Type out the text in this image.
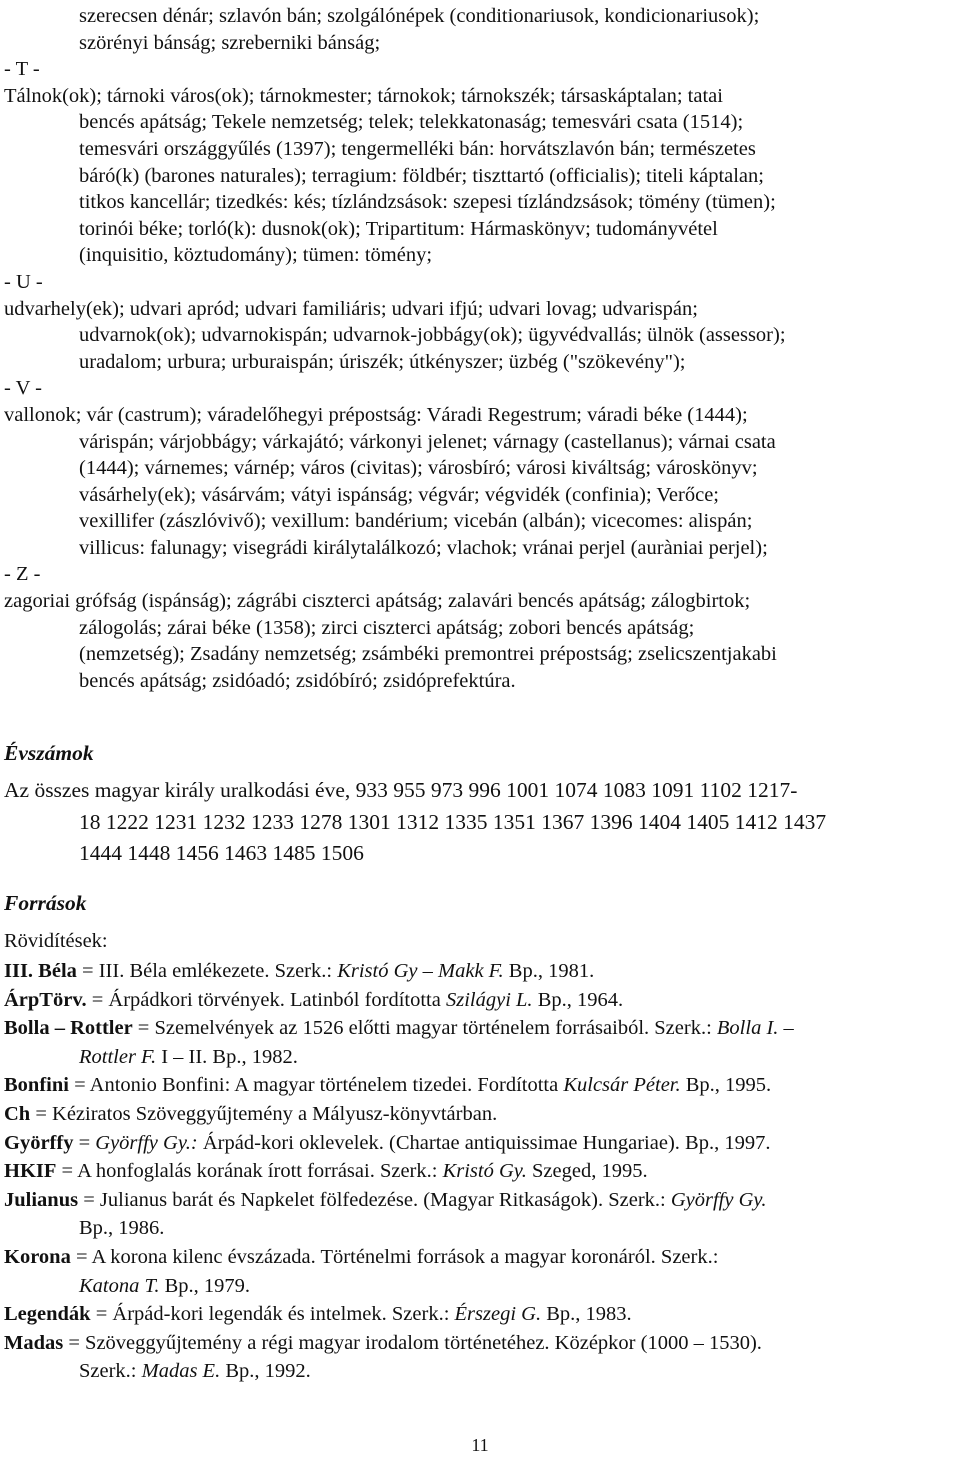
szerecsen dénár; szlavón bán; szolgálónépek (conditionariusok, kondicionariusok);
szörényi bánság; szreberniki bánság;
- T -
Tálnok(ok); tárnoki város(ok); tárnokmester; tárnokok; tárnokszék; társaskáptalan; tatai
bencés apátság; Tekele nemzetség; telek; telekkatonaság; temesvári csata (1514);
temesvári országgyűlés (1397); tengermelléki bán: horvátszlavón bán; természetes
báró(k) (barones naturales); terragium: földbér; tiszttartó (officialis); titeli káptalan;
titkos kancellár; tizedkés: kés; tízlándzsások: szepesi tízlándzsások; tömény (tümen);
torinói béke; torló(k): dusnok(ok); Tripartitum: Hármaskönyv; tudományvétel
(inquisitio, köztudomány); tümen: tömény;
- U -
udvarhely(ek); udvari apród; udvari familiáris; udvari ifjú; udvari lovag; udvarispán;
udvarnok(ok); udvarnokispán; udvarnok-jobbágy(ok); ügyvédvallás; ülnök (assessor);
uradalom; urbura; urburaispán; úriszék; útkényszer; üzbég ("szökevény");
- V -
vallonok; vár (castrum); váradelőhegyi prépostság: Váradi Regestrum; váradi béke (1444);
várispán; várjobbágy; várkajátó; várkonyi jelenet; várnagy (castellanus); várnai csata
(1444); várnemes; várnép; város (civitas); városbíró; városi kiváltság; városkönyv;
vásárhely(ek); vásárvám; vátyi ispánság; végvár; végvidék (confinia); Verőce;
vexillifer (zászlóvivő); vexillum: bandérium; vicebán (albán); vicecomes: alispán;
villicus: falunagy; visegrádi királytalálkozó; vlachok; vránai perjel (auràniai perjel);
- Z -
zagoriai grófság (ispánság); zágrábi ciszterci apátság; zalavári bencés apátság; zálogbirtok;
zálogolás; zárai béke (1358); zirci ciszterci apátság; zobori bencés apátság;
(nemzetség); Zsadány nemzetség; zsámbéki premontrei prépostság; zselicszentjakabi
bencés apátság; zsidóadó; zsidóbíró; zsidóprefektúra.
Évszámok
Az összes magyar király uralkodási éve, 933 955 973 996 1001 1074 1083 1091 1102 1217-
18 1222 1231 1232 1233 1278 1301 1312 1335 1351 1367 1396 1404 1405 1412 1437
1444 1448 1456 1463 1485 1506
Források
Rövidítések:
III. Béla = III. Béla emlékezete. Szerk.: Kristó Gy – Makk F. Bp., 1981.
ÁrpTörv. = Árpádkori törvények. Latinból fordította Szilágyi L. Bp., 1964.
Bolla – Rottler = Szemelvények az 1526 előtti magyar történelem forrásaiból. Szerk.: Bolla I. –
Rottler F. I – II. Bp., 1982.
Bonfini = Antonio Bonfini: A magyar történelem tizedei. Fordította Kulcsár Péter. Bp., 1995.
Ch = Kéziratos Szöveggyűjtemény a Mályusz-könyvtárban.
Györffy = Györffy Gy.: Árpád-kori oklevelek. (Chartae antiquissimae Hungariae). Bp., 1997.
HKIF = A honfoglalás korának írott forrásai. Szerk.: Kristó Gy. Szeged, 1995.
Julianus = Julianus barát és Napkelet fölfedezése. (Magyar Ritkaságok). Szerk.: Györffy Gy.
Bp., 1986.
Korona = A korona kilenc évszázada. Történelmi források a magyar koronáról. Szerk.:
Katona T. Bp., 1979.
Legendák = Árpád-kori legendák és intelmek. Szerk.: Érszegi G. Bp., 1983.
Madas = Szöveggyűjtemény a régi magyar irodalom történetéhez. Középkor (1000 – 1530).
Szerk.: Madas E. Bp., 1992.
11
